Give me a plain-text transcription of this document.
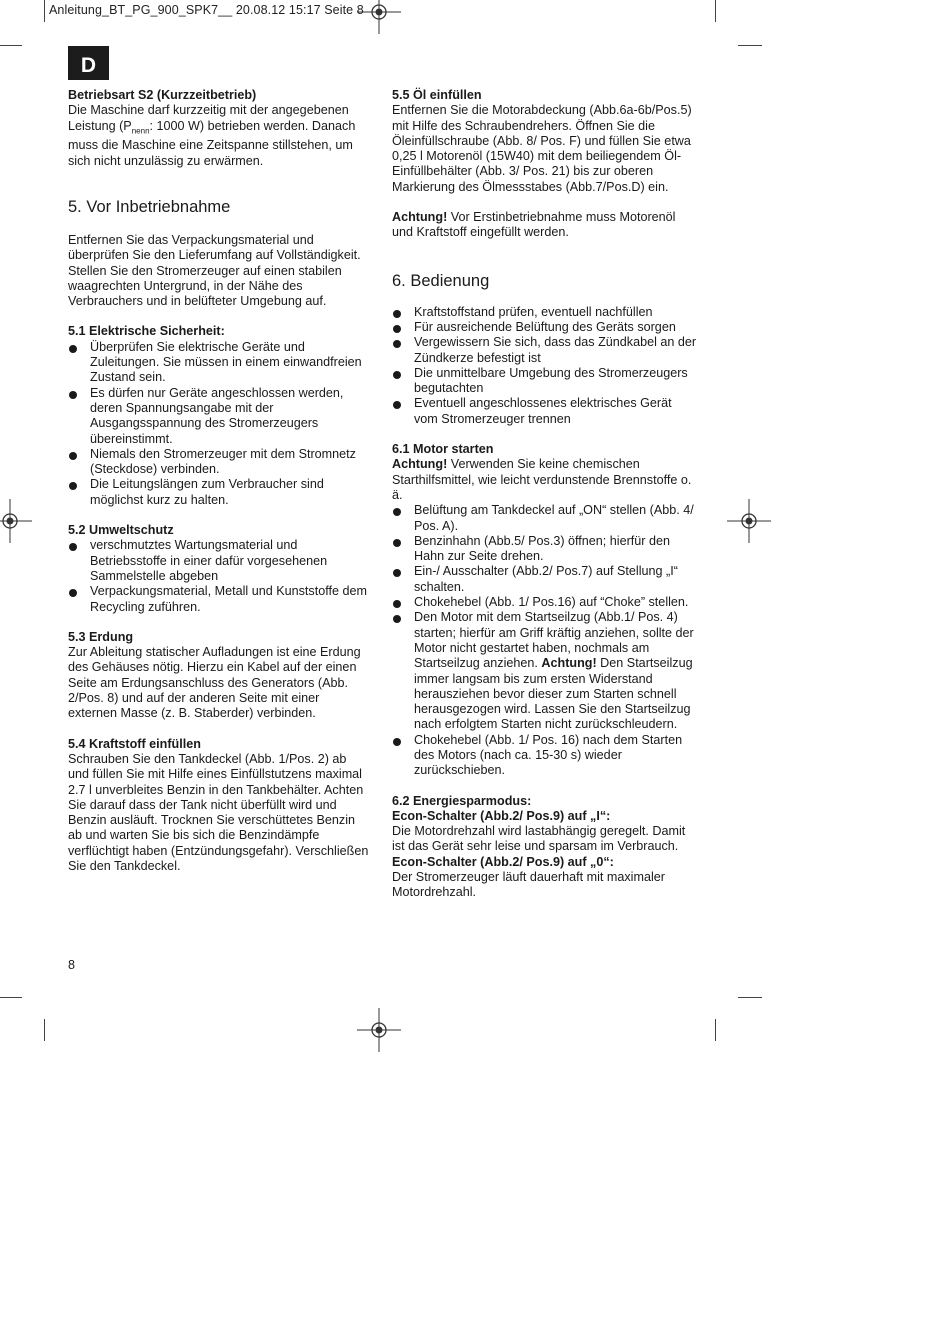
Anleitung_BT_PG_900_SPK7__ 20.08.12 15:17 Seite 8
D

Betriebsart S2 (Kurzzeitbetrieb)

Die Maschine darf kurzzeitig mit der angegebenen Leistung ($P_{nenn}$: 1000 W) betrieben werden. Danach muss die Maschine eine Zeitspanne stillstehen, um sich nicht unzulässig zu erwärmen.

5. Vor Inbetriebnahme

Entfernen Sie das Verpackungsmaterial und überprüfen Sie den Lieferumfang auf Vollständigkeit. Stellen Sie den Stromerzeuger auf einen stabilen waagrechten Untergrund, in der Nähe des Verbrauchers und in belüfteter Umgebung auf.

5.1 Elektrische Sicherheit:

Überprüfen Sie elektrische Geräte und Zuleitungen. Sie müssen in einem einwandfreien Zustand sein.
Es dürfen nur Geräte angeschlossen werden, deren Spannungsangabe mit der Ausgangsspannung des Stromerzeugers übereinstimmt.
Niemals den Stromerzeuger mit dem Stromnetz (Steckdose) verbinden.
Die Leitungslängen zum Verbraucher sind möglichst kurz zu halten.

5.2 Umweltschutz

verschmutztes Wartungsmaterial und Betriebsstoffe in einer dafür vorgesehenen Sammelstelle abgeben
Verpackungsmaterial, Metall und Kunststoffe dem Recycling zuführen.

5.3 Erdung

Zur Ableitung statischer Aufladungen ist eine Erdung des Gehäuses nötig. Hierzu ein Kabel auf der einen Seite am Erdungsanschluss des Generators (Abb. 2/Pos. 8) und auf der anderen Seite mit einer externen Masse (z. B. Staberder) verbinden.

5.4 Kraftstoff einfüllen

Schrauben Sie den Tankdeckel (Abb. 1/Pos. 2) ab und füllen Sie mit Hilfe eines Einfüllstutzens maximal 2.7 l unverbleites Benzin in den Tankbehälter. Achten Sie darauf dass der Tank nicht überfüllt wird und Benzin ausläuft. Trocknen Sie verschüttetes Benzin ab und warten Sie bis sich die Benzindämpfe verflüchtigt haben (Entzündungsgefahr). Verschließen Sie den Tankdeckel.

5.5 Öl einfüllen

Entfernen Sie die Motorabdeckung (Abb.6a-6b/Pos.5) mit Hilfe des Schraubendrehers. Öffnen Sie die Öleinfüllschraube (Abb. 8/ Pos. F) und füllen Sie etwa 0,25 l Motorenöl (15W40) mit dem beiliegendem Öl-Einfüllbehälter (Abb. 3/ Pos. 21) bis zur oberen Markierung des Ölmessstabes (Abb.7/Pos.D) ein.

Achtung! Vor Erstinbetriebnahme muss Motorenöl und Kraftstoff eingefüllt werden.

6. Bedienung

Kraftstoffstand prüfen, eventuell nachfüllen
Für ausreichende Belüftung des Geräts sorgen
Vergewissern Sie sich, dass das Zündkabel an der Zündkerze befestigt ist
Die unmittelbare Umgebung des Stromerzeugers begutachten
Eventuell angeschlossenes elektrisches Gerät vom Stromerzeuger trennen

6.1 Motor starten

Achtung! Verwenden Sie keine chemischen Starthilfsmittel, wie leicht verdunstende Brennstoffe o. ä.

Belüftung am Tankdeckel auf „ON“ stellen (Abb. 4/ Pos. A).
Benzinhahn (Abb.5/ Pos.3) öffnen; hierfür den Hahn zur Seite drehen.
Ein-/ Ausschalter (Abb.2/ Pos.7) auf Stellung „I“ schalten.
Chokehebel (Abb. 1/ Pos.16) auf “Choke” stellen.
Den Motor mit dem Startseilzug (Abb.1/ Pos. 4) starten; hierfür am Griff kräftig anziehen, sollte der Motor nicht gestartet haben, nochmals am Startseilzug anziehen. Achtung! Den Startseilzug immer langsam bis zum ersten Widerstand herausziehen bevor dieser zum Starten schnell herausgezogen wird. Lassen Sie den Startseilzug nach erfolgtem Starten nicht zurückschleudern.
Chokehebel (Abb. 1/ Pos. 16) nach dem Starten des Motors (nach ca. 15-30 s) wieder zurückschieben.

6.2 Energiesparmodus:

Econ-Schalter (Abb.2/ Pos.9) auf „I“:

Die Motordrehzahl wird lastabhängig geregelt. Damit ist das Gerät sehr leise und sparsam im Verbrauch.

Econ-Schalter (Abb.2/ Pos.9) auf „0“:

Der Stromerzeuger läuft dauerhaft mit maximaler Motordrehzahl.

8
